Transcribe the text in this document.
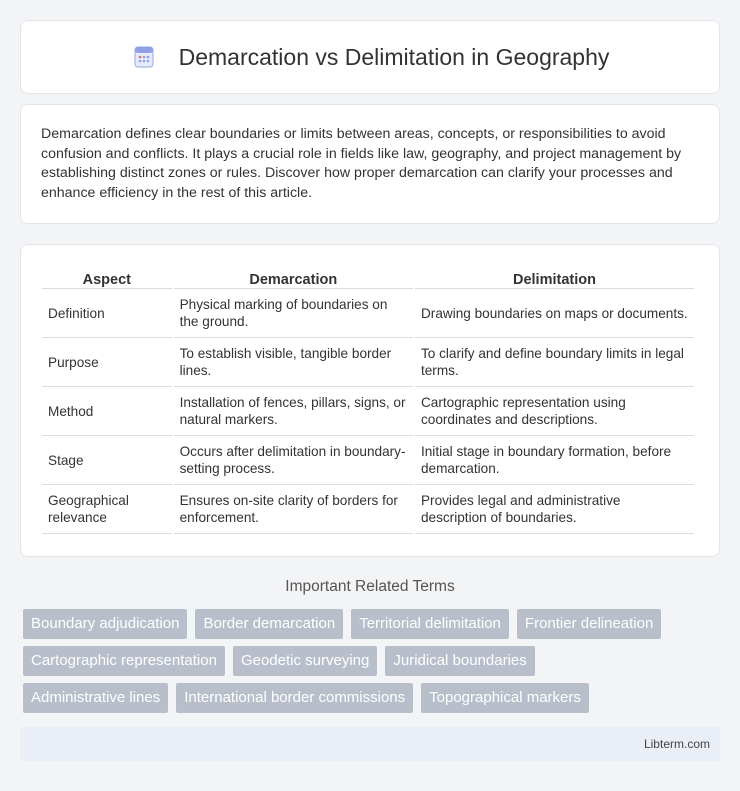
Demarcation vs Delimitation in Geography

Demarcation defines clear boundaries or limits between areas, concepts, or responsibilities to avoid confusion and conflicts. It plays a crucial role in fields like law, geography, and project management by establishing distinct zones or rules. Discover how proper demarcation can clarify your processes and enhance efficiency in the rest of this article.

Aspect	Demarcation	Delimitation
Definition	Physical marking of boundaries on the ground.	Drawing boundaries on maps or documents.
Purpose	To establish visible, tangible border lines.	To clarify and define boundary limits in legal terms.
Method	Installation of fences, pillars, signs, or natural markers.	Cartographic representation using coordinates and descriptions.
Stage	Occurs after delimitation in boundary-setting process.	Initial stage in boundary formation, before demarcation.
Geographical relevance	Ensures on-site clarity of borders for enforcement.	Provides legal and administrative description of boundaries.
Important Related Terms
Boundary adjudication	Border demarcation	Territorial delimitation	Frontier delineation
Cartographic representation	Geodetic surveying	Juridical boundaries
Administrative lines	International border commissions	Topographical markers
Libterm.com
